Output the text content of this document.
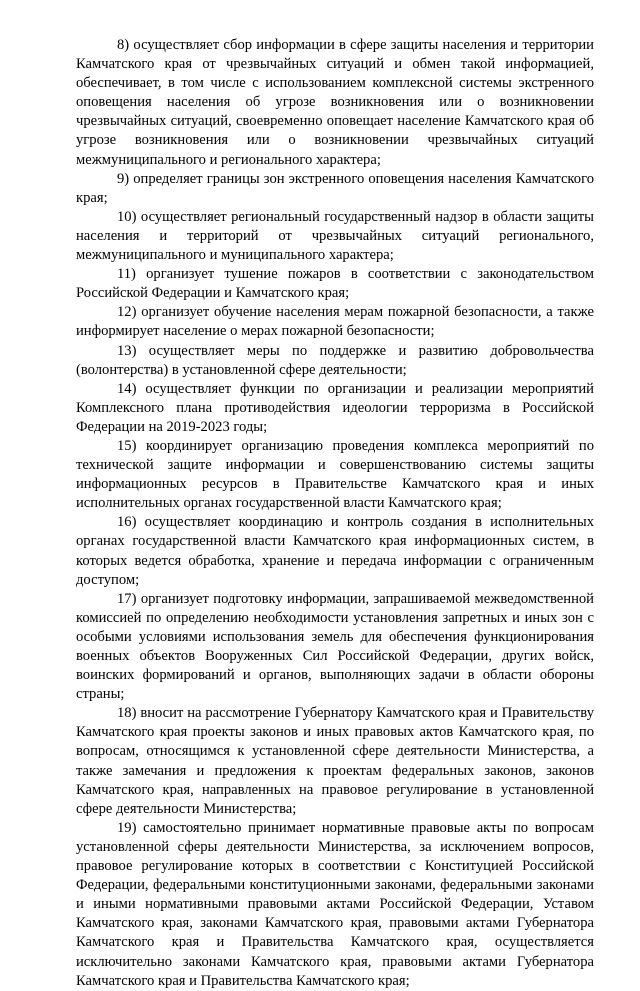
8) осуществляет сбор информации в сфере защиты населения и территории Камчатского края от чрезвычайных ситуаций и обмен такой информацией, обеспечивает, в том числе с использованием комплексной системы экстренного оповещения населения об угрозе возникновения или о возникновении чрезвычайных ситуаций, своевременно оповещает население Камчатского края об угрозе возникновения или о возникновении чрезвычайных ситуаций межмуниципального и регионального характера;

9) определяет границы зон экстренного оповещения населения Камчатского края;

10) осуществляет региональный государственный надзор в области защиты населения и территорий от чрезвычайных ситуаций регионального, межмуниципального и муниципального характера;

11) организует тушение пожаров в соответствии с законодательством Российской Федерации и Камчатского края;

12) организует обучение населения мерам пожарной безопасности, а также информирует население о мерах пожарной безопасности;

13) осуществляет меры по поддержке и развитию добровольчества (волонтерства) в установленной сфере деятельности;

14) осуществляет функции по организации и реализации мероприятий Комплексного плана противодействия идеологии терроризма в Российской Федерации на 2019-2023 годы;

15) координирует организацию проведения комплекса мероприятий по технической защите информации и совершенствованию системы защиты информационных ресурсов в Правительстве Камчатского края и иных исполнительных органах государственной власти Камчатского края;

16) осуществляет координацию и контроль создания в исполнительных органах государственной власти Камчатского края информационных систем, в которых ведется обработка, хранение и передача информации с ограниченным доступом;

17) организует подготовку информации, запрашиваемой межведомственной комиссией по определению необходимости установления запретных и иных зон с особыми условиями использования земель для обеспечения функционирования военных объектов Вооруженных Сил Российской Федерации, других войск, воинских формирований и органов, выполняющих задачи в области обороны страны;

18) вносит на рассмотрение Губернатору Камчатского края и Правительству Камчатского края проекты законов и иных правовых актов Камчатского края, по вопросам, относящимся к установленной сфере деятельности Министерства, а также замечания и предложения к проектам федеральных законов, законов Камчатского края, направленных на правовое регулирование в установленной сфере деятельности Министерства;

19) самостоятельно принимает нормативные правовые акты по вопросам установленной сферы деятельности Министерства, за исключением вопросов, правовое регулирование которых в соответствии с Конституцией Российской Федерации, федеральными конституционными законами, федеральными законами и иными нормативными правовыми актами Российской Федерации, Уставом Камчатского края, законами Камчатского края, правовыми актами Губернатора Камчатского края и Правительства Камчатского края, осуществляется исключительно законами Камчатского края, правовыми актами Губернатора Камчатского края и Правительства Камчатского края;
